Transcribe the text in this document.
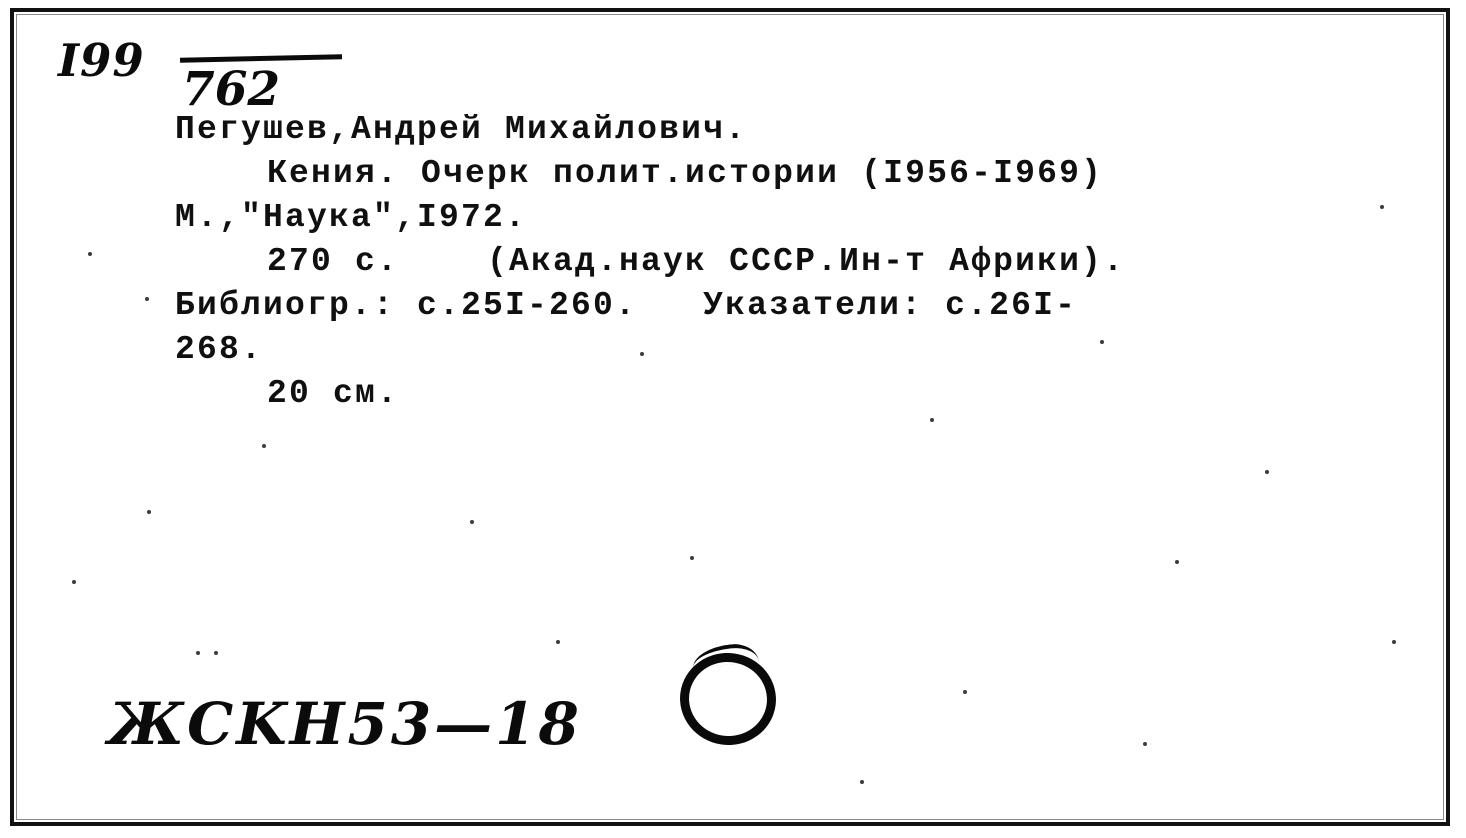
Ι99
762
Пегушев,Андрей Михайлович.
Кения. Очерк полит.истории (I956-I969)
М.,"Наука",I972.
270 с.    (Акад.наук СССР.Ин-т Африки).
Библиогр.: с.25I-260.   Указатели: с.26I-
268.
20 см.
ЖCKH53—18
